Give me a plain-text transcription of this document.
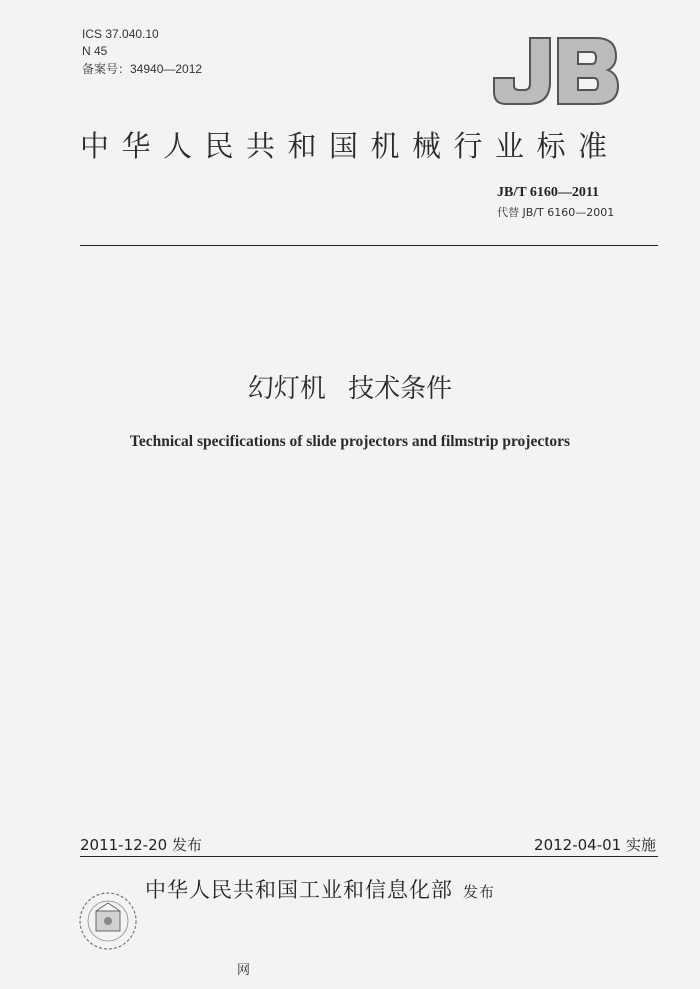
ICS 37.040.10
N 45
备案号：34940—2012
中华人民共和国机械行业标准
JB/T 6160—2011
代替 JB/T 6160—2001
幻灯机 技术条件
Technical specifications of slide projectors and filmstrip projectors
2011-12-20 发布	2012-04-01 实施
中华人民共和国工业和信息化部 发布
网
